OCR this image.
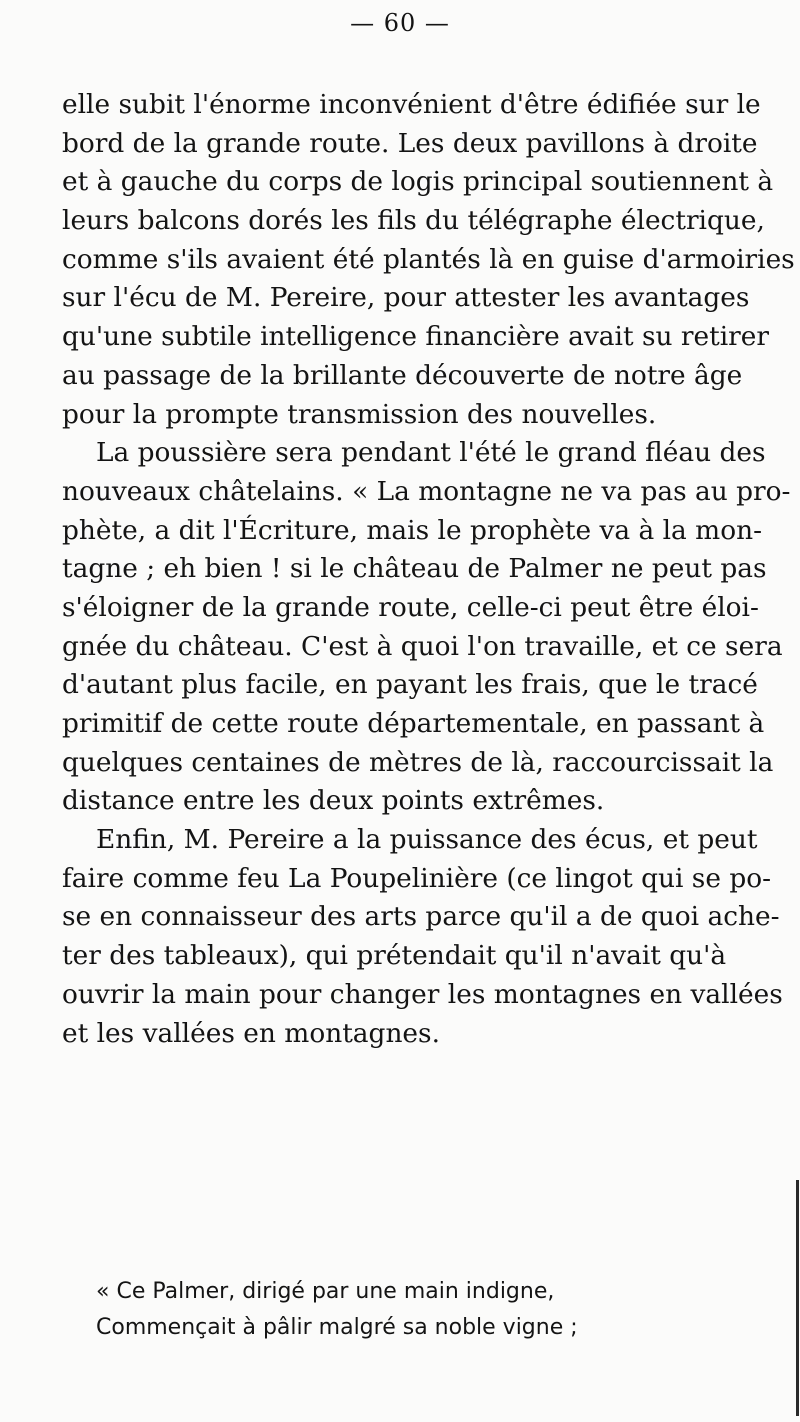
— 60 —
elle subit l'énorme inconvénient d'être édifiée sur le
bord de la grande route. Les deux pavillons à droite
et à gauche du corps de logis principal soutiennent à
leurs balcons dorés les fils du télégraphe électrique,
comme s'ils avaient été plantés là en guise d'armoiries
sur l'écu de M. Pereire, pour attester les avantages
qu'une subtile intelligence financière avait su retirer
au passage de la brillante découverte de notre âge
pour la prompte transmission des nouvelles.
La poussière sera pendant l'été le grand fléau des
nouveaux châtelains. « La montagne ne va pas au pro-
phète, a dit l'Écriture, mais le prophète va à la mon-
tagne ; eh bien ! si le château de Palmer ne peut pas
s'éloigner de la grande route, celle-ci peut être éloi-
gnée du château. C'est à quoi l'on travaille, et ce sera
d'autant plus facile, en payant les frais, que le tracé
primitif de cette route départementale, en passant à
quelques centaines de mètres de là, raccourcissait la
distance entre les deux points extrêmes.
Enfin, M. Pereire a la puissance des écus, et peut
faire comme feu La Poupelinière (ce lingot qui se po-
se en connaisseur des arts parce qu'il a de quoi ache-
ter des tableaux), qui prétendait qu'il n'avait qu'à
ouvrir la main pour changer les montagnes en vallées
et les vallées en montagnes.
« Ce Palmer, dirigé par une main indigne,
Commençait à pâlir malgré sa noble vigne ;
